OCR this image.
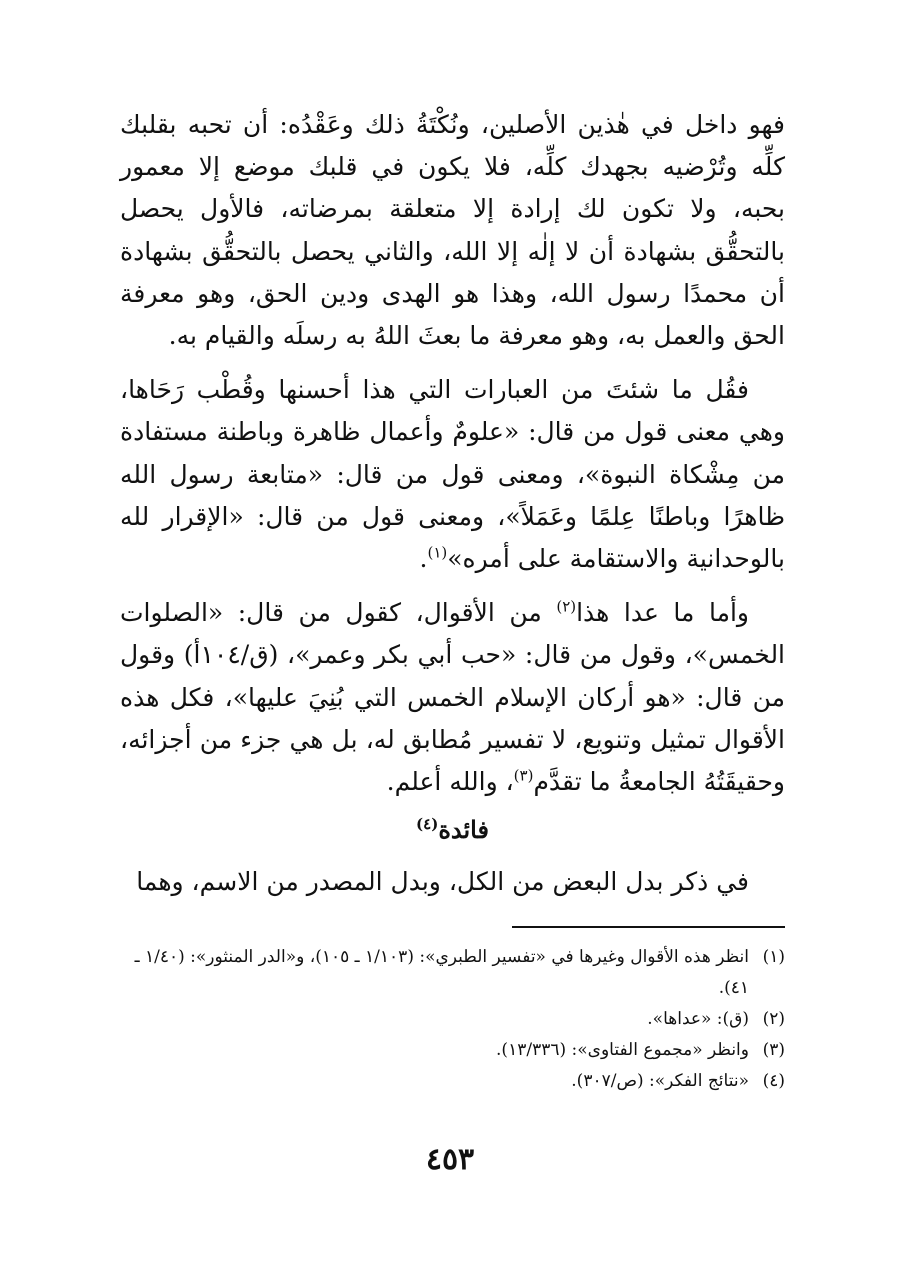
فهو داخل في هٰذين الأصلين، ونُكْتَةُ ذلك وعَقْدُه: أن تحبه بقلبك كلِّه وتُرْضيه بجهدك كلِّه، فلا يكون في قلبك موضع إلا معمور بحبه، ولا تكون لك إرادة إلا متعلقة بمرضاته، فالأول يحصل بالتحقُّق بشهادة أن لا إلٰه إلا الله، والثاني يحصل بالتحقُّق بشهادة أن محمدًا رسول الله، وهذا هو الهدى ودين الحق، وهو معرفة الحق والعمل به، وهو معرفة ما بعثَ اللهُ به رسلَه والقيام به.

فقُل ما شئتَ من العبارات التي هذا أحسنها وقُطْب رَحَاها، وهي معنى قول من قال: «علومٌ وأعمال ظاهرة وباطنة مستفادة من مِشْكاة النبوة»، ومعنى قول من قال: «متابعة رسول الله ظاهرًا وباطنًا عِلمًا وعَمَلاً»، ومعنى قول من قال: «الإقرار لله بالوحدانية والاستقامة على أمره»$^{(١)}$.

وأما ما عدا هذا$^{(٢)}$ من الأقوال، كقول من قال: «الصلوات الخمس»، وقول من قال: «حب أبي بكر وعمر»، (ق/١٠٤أ) وقول من قال: «هو أركان الإسلام الخمس التي بُنِيَ عليها»، فكل هذه الأقوال تمثيل وتنويع، لا تفسير مُطابق له، بل هي جزء من أجزائه، وحقيقَتُهُ الجامعةُ ما تقدَّم$^{(٣)}$، والله أعلم.

فائدة$^{(٤)}$

في ذكر بدل البعض من الكل، وبدل المصدر من الاسم، وهما

(١)
انظر هذه الأقوال وغيرها في «تفسير الطبري»: (١/١٠٣ ـ ١٠٥)، و«الدر المنثور»: (١/٤٠ ـ ٤١).
(٢)
(ق): «عداها».
(٣)
وانظر «مجموع الفتاوى»: (١٣/٣٣٦).
(٤)
«نتائج الفكر»: (ص/٣٠٧).
٤٥٣
